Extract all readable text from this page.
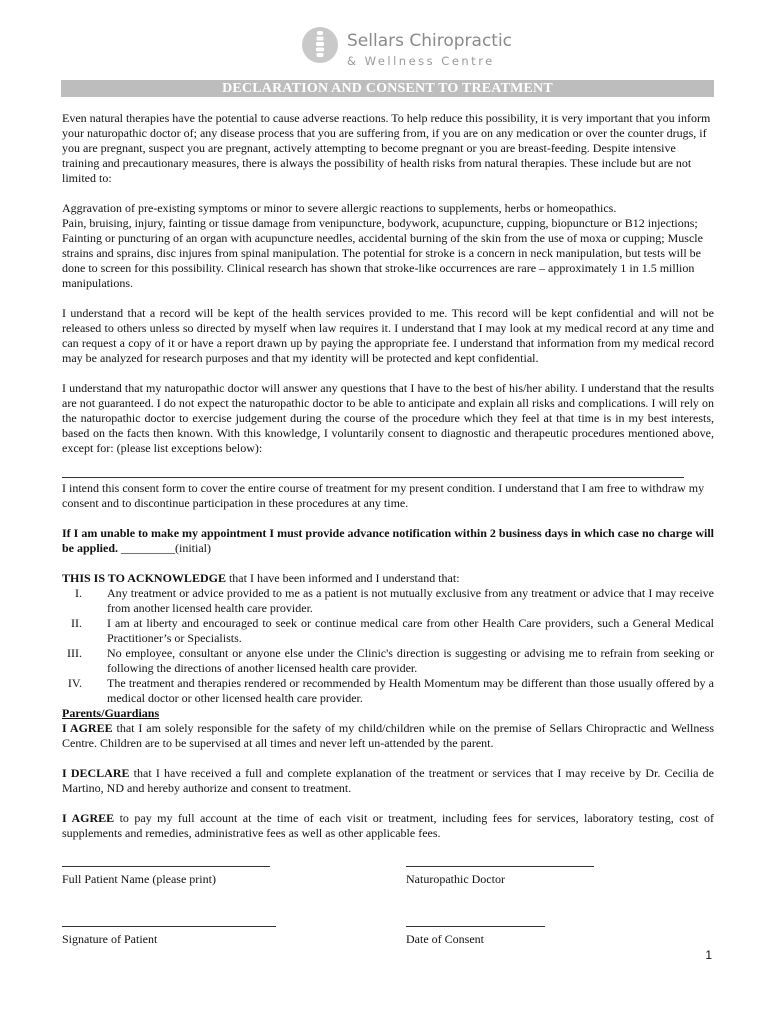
Sellars Chiropractic
& Wellness Centre
DECLARATION AND CONSENT TO TREATMENT

Even natural therapies have the potential to cause adverse reactions. To help reduce this possibility, it is very important that you inform your naturopathic doctor of; any disease process that you are suffering from, if you are on any medication or over the counter drugs, if you are pregnant, suspect you are pregnant, actively attempting to become pregnant or you are breast-feeding. Despite intensive training and precautionary measures, there is always the possibility of health risks from natural therapies. These include but are not limited to:

Aggravation of pre-existing symptoms or minor to severe allergic reactions to supplements, herbs or homeopathics.
Pain, bruising, injury, fainting or tissue damage from venipuncture, bodywork, acupuncture, cupping, biopuncture or B12 injections; Fainting or puncturing of an organ with acupuncture needles, accidental burning of the skin from the use of moxa or cupping; Muscle strains and sprains, disc injures from spinal manipulation. The potential for stroke is a concern in neck manipulation, but tests will be done to screen for this possibility. Clinical research has shown that stroke-like occurrences are rare – approximately 1 in 1.5 million manipulations.

I understand that a record will be kept of the health services provided to me. This record will be kept confidential and will not be released to others unless so directed by myself when law requires it. I understand that I may look at my medical record at any time and can request a copy of it or have a report drawn up by paying the appropriate fee. I understand that information from my medical record may be analyzed for research purposes and that my identity will be protected and kept confidential.

I understand that my naturopathic doctor will answer any questions that I have to the best of his/her ability. I understand that the results are not guaranteed. I do not expect the naturopathic doctor to be able to anticipate and explain all risks and complications. I will rely on the naturopathic doctor to exercise judgement during the course of the procedure which they feel at that time is in my best interests, based on the facts then known. With this knowledge, I voluntarily consent to diagnostic and therapeutic procedures mentioned above, except for: (please list exceptions below):

I intend this consent form to cover the entire course of treatment for my present condition. I understand that I am free to withdraw my consent and to discontinue participation in these procedures at any time.

If I am unable to make my appointment I must provide advance notification within 2 business days in which case no charge will be applied. _________(initial)

THIS IS TO ACKNOWLEDGE that I have been informed and I understand that:
I. Any treatment or advice provided to me as a patient is not mutually exclusive from any treatment or advice that I may receive from another licensed health care provider.
II. I am at liberty and encouraged to seek or continue medical care from other Health Care providers, such a General Medical Practitioner’s or Specialists.
III. No employee, consultant or anyone else under the Clinic's direction is suggesting or advising me to refrain from seeking or following the directions of another licensed health care provider.
IV. The treatment and therapies rendered or recommended by Health Momentum may be different than those usually offered by a medical doctor or other licensed health care provider.
Parents/Guardians

I AGREE that I am solely responsible for the safety of my child/children while on the premise of Sellars Chiropractic and Wellness Centre. Children are to be supervised at all times and never left un-attended by the parent.

I DECLARE that I have received a full and complete explanation of the treatment or services that I may receive by Dr. Cecilia de Martino, ND and hereby authorize and consent to treatment.

I AGREE to pay my full account at the time of each visit or treatment, including fees for services, laboratory testing, cost of supplements and remedies, administrative fees as well as other applicable fees.

Full Patient Name (please print)	Naturopathic Doctor
Signature of Patient	Date of Consent
1
